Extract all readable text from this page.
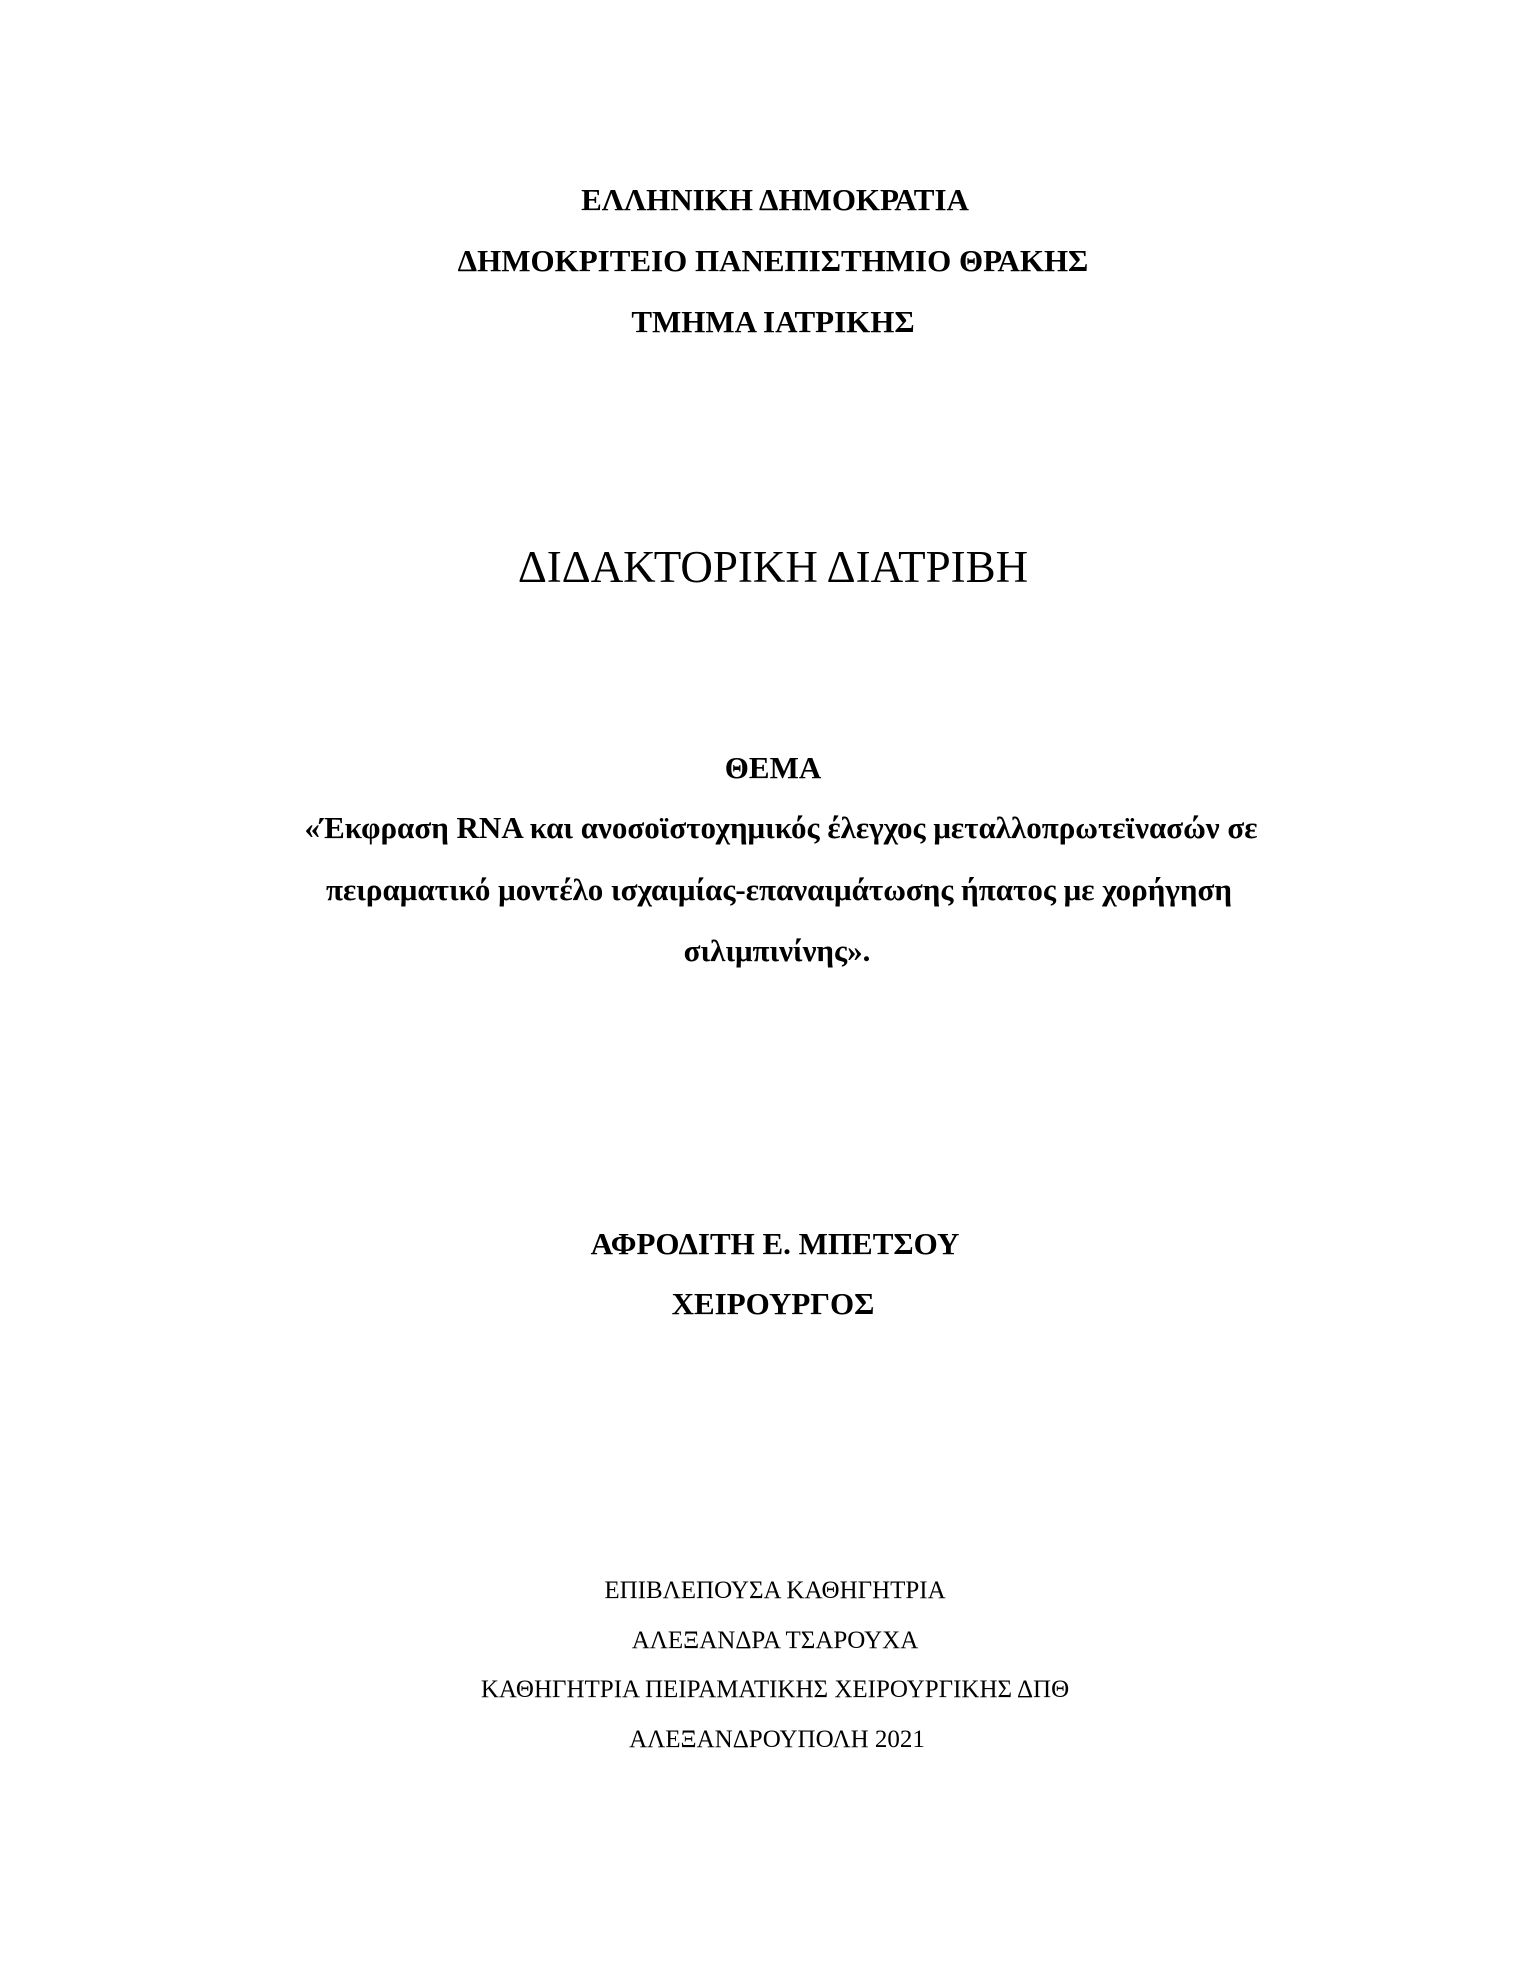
ΕΛΛΗΝΙΚΗ ΔΗΜΟΚΡΑΤΙΑ
ΔΗΜΟΚΡΙΤΕΙΟ ΠΑΝΕΠΙΣΤΗΜΙΟ ΘΡΑΚΗΣ
ΤΜΗΜΑ ΙΑΤΡΙΚΗΣ
ΔΙΔΑΚΤΟΡΙΚΗ ΔΙΑΤΡΙΒΗ
ΘΕΜΑ
«Έκφραση RNA και ανοσοϊστοχημικός έλεγχος μεταλλοπρωτεϊνασών σε
πειραματικό μοντέλο ισχαιμίας-επαναιμάτωσης ήπατος με χορήγηση
σιλιμπινίνης».
ΑΦΡΟΔΙΤΗ Ε. ΜΠΕΤΣΟΥ
ΧΕΙΡΟΥΡΓΟΣ
ΕΠΙΒΛΕΠΟΥΣΑ ΚΑΘΗΓΗΤΡΙΑ
ΑΛΕΞΑΝΔΡΑ ΤΣΑΡΟΥΧΑ
ΚΑΘΗΓΗΤΡΙΑ ΠΕΙΡΑΜΑΤΙΚΗΣ ΧΕΙΡΟΥΡΓΙΚΗΣ ΔΠΘ
ΑΛΕΞΑΝΔΡΟΥΠΟΛΗ 2021
